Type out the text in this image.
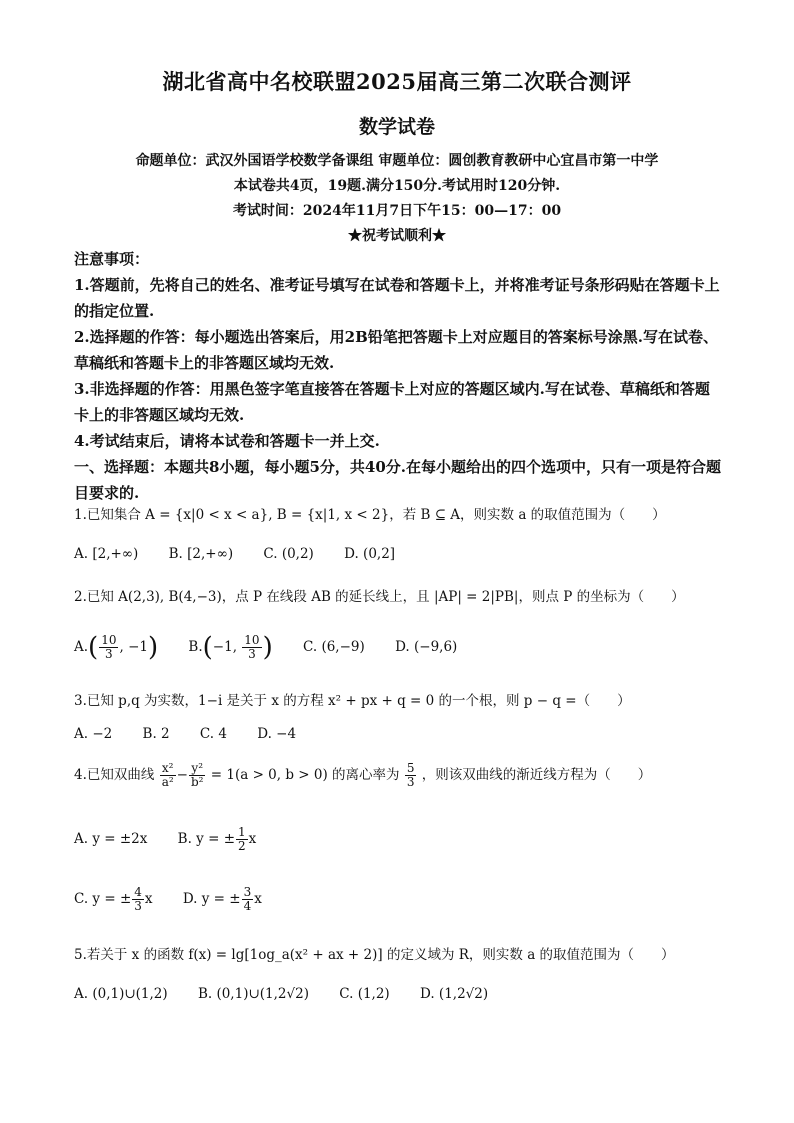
湖北省高中名校联盟2025届高三第二次联合测评
数学试卷
命题单位：武汉外国语学校数学备课组 审题单位：圆创教育教研中心宜昌市第一中学
本试卷共4页，19题.满分150分.考试用时120分钟.
考试时间：2024年11月7日下午15：00—17：00
★祝考试顺利★
注意事项：
1.答题前，先将自己的姓名、准考证号填写在试卷和答题卡上，并将准考证号条形码贴在答题卡上的指定位置.
2.选择题的作答：每小题选出答案后，用2B铅笔把答题卡上对应题目的答案标号涂黑.写在试卷、草稿纸和答题卡上的非答题区域均无效.
3.非选择题的作答：用黑色签字笔直接答在答题卡上对应的答题区域内.写在试卷、草稿纸和答题卡上的非答题区域均无效.
4.考试结束后，请将本试卷和答题卡一并上交.
一、选择题：本题共8小题，每小题5分，共40分.在每小题给出的四个选项中，只有一项是符合题目要求的.
1.已知集合 A = {x|0 < x < a}, B = {x|1, x < 2}，若 B ⊆ A，则实数 a 的取值范围为（　　）
A. [2,+∞) B. [2,+∞) C. (0,2) D. (0,2]
2.已知 A(2,3), B(4,−3)，点 P 在线段 AB 的延长线上，且 |AP| = 2|PB|，则点 P 的坐标为（　　）
$A.( \frac{10}{3}$ , −1) B.(−1, $\frac{10}{3}$ ) C. (6,−9) D. (−9,6)
3.已知 p,q 为实数，1−i 是关于 x 的方程 x² + px + q = 0 的一个根，则 p − q =（　　）
A. −2 B. 2 C. 4 D. −4
4.已知双曲线 $\frac{\text{x²}}{\text{a²}} - \frac{\text{y²}}{\text{b²}} = 1(a > 0$, b > 0) 的离心率为 $\frac{5}{3}$ ，则该双曲线的渐近线方程为（　　）
A. y = ±2x B. y = ± $\frac{1}{2}$ x
C. y = ± $\frac{4}{3}$ x D. y = ± $\frac{3}{4}$ x
5.若关于 x 的函数 f(x) = lg[1og_a(x² + ax + 2)] 的定义域为 R，则实数 a 的取值范围为（　　）
A. (0,1)∪(1,2) B. (0,1)∪(1,2√2) C. (1,2) D. (1,2√2)
